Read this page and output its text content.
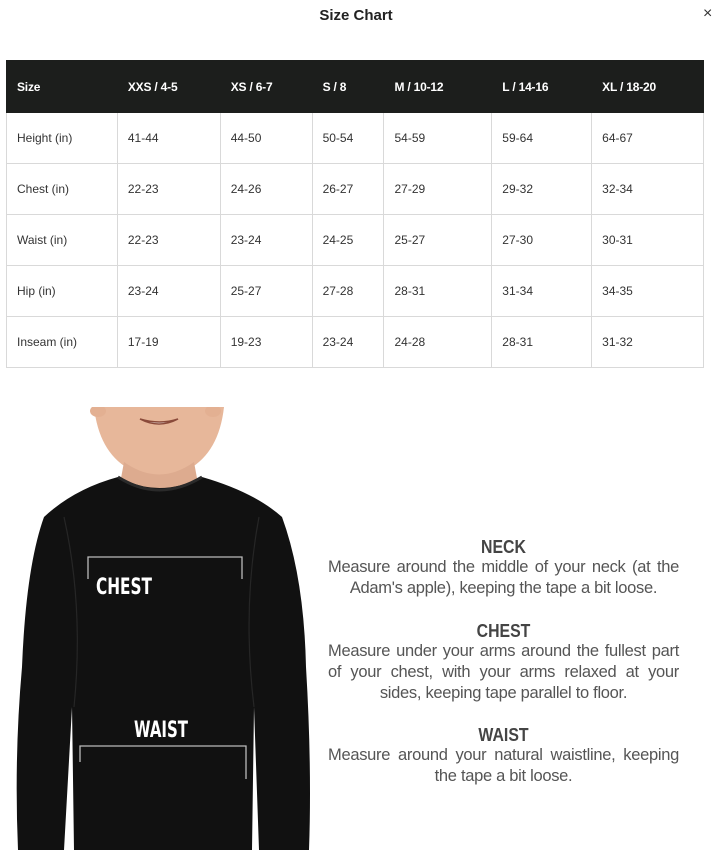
Size Chart	×
Size	XXS / 4-5	XS / 6-7	S / 8	M / 10-12	L / 14-16	XL / 18-20
Height (in)	41-44	44-50	50-54	54-59	59-64	64-67
Chest (in)	22-23	24-26	26-27	27-29	29-32	32-34
Waist (in)	22-23	23-24	24-25	25-27	27-30	30-31
Hip (in)	23-24	25-27	27-28	28-31	31-34	34-35
Inseam (in)	17-19	19-23	23-24	24-28	28-31	31-32
CHEST
WAIST
NECK
Measure around the middle of your neck (at the Adam's apple), keeping the tape a bit loose.
CHEST
Measure under your arms around the fullest part of your chest, with your arms relaxed at your sides, keeping tape parallel to floor.
WAIST
Measure around your natural waistline, keeping the tape a bit loose.
